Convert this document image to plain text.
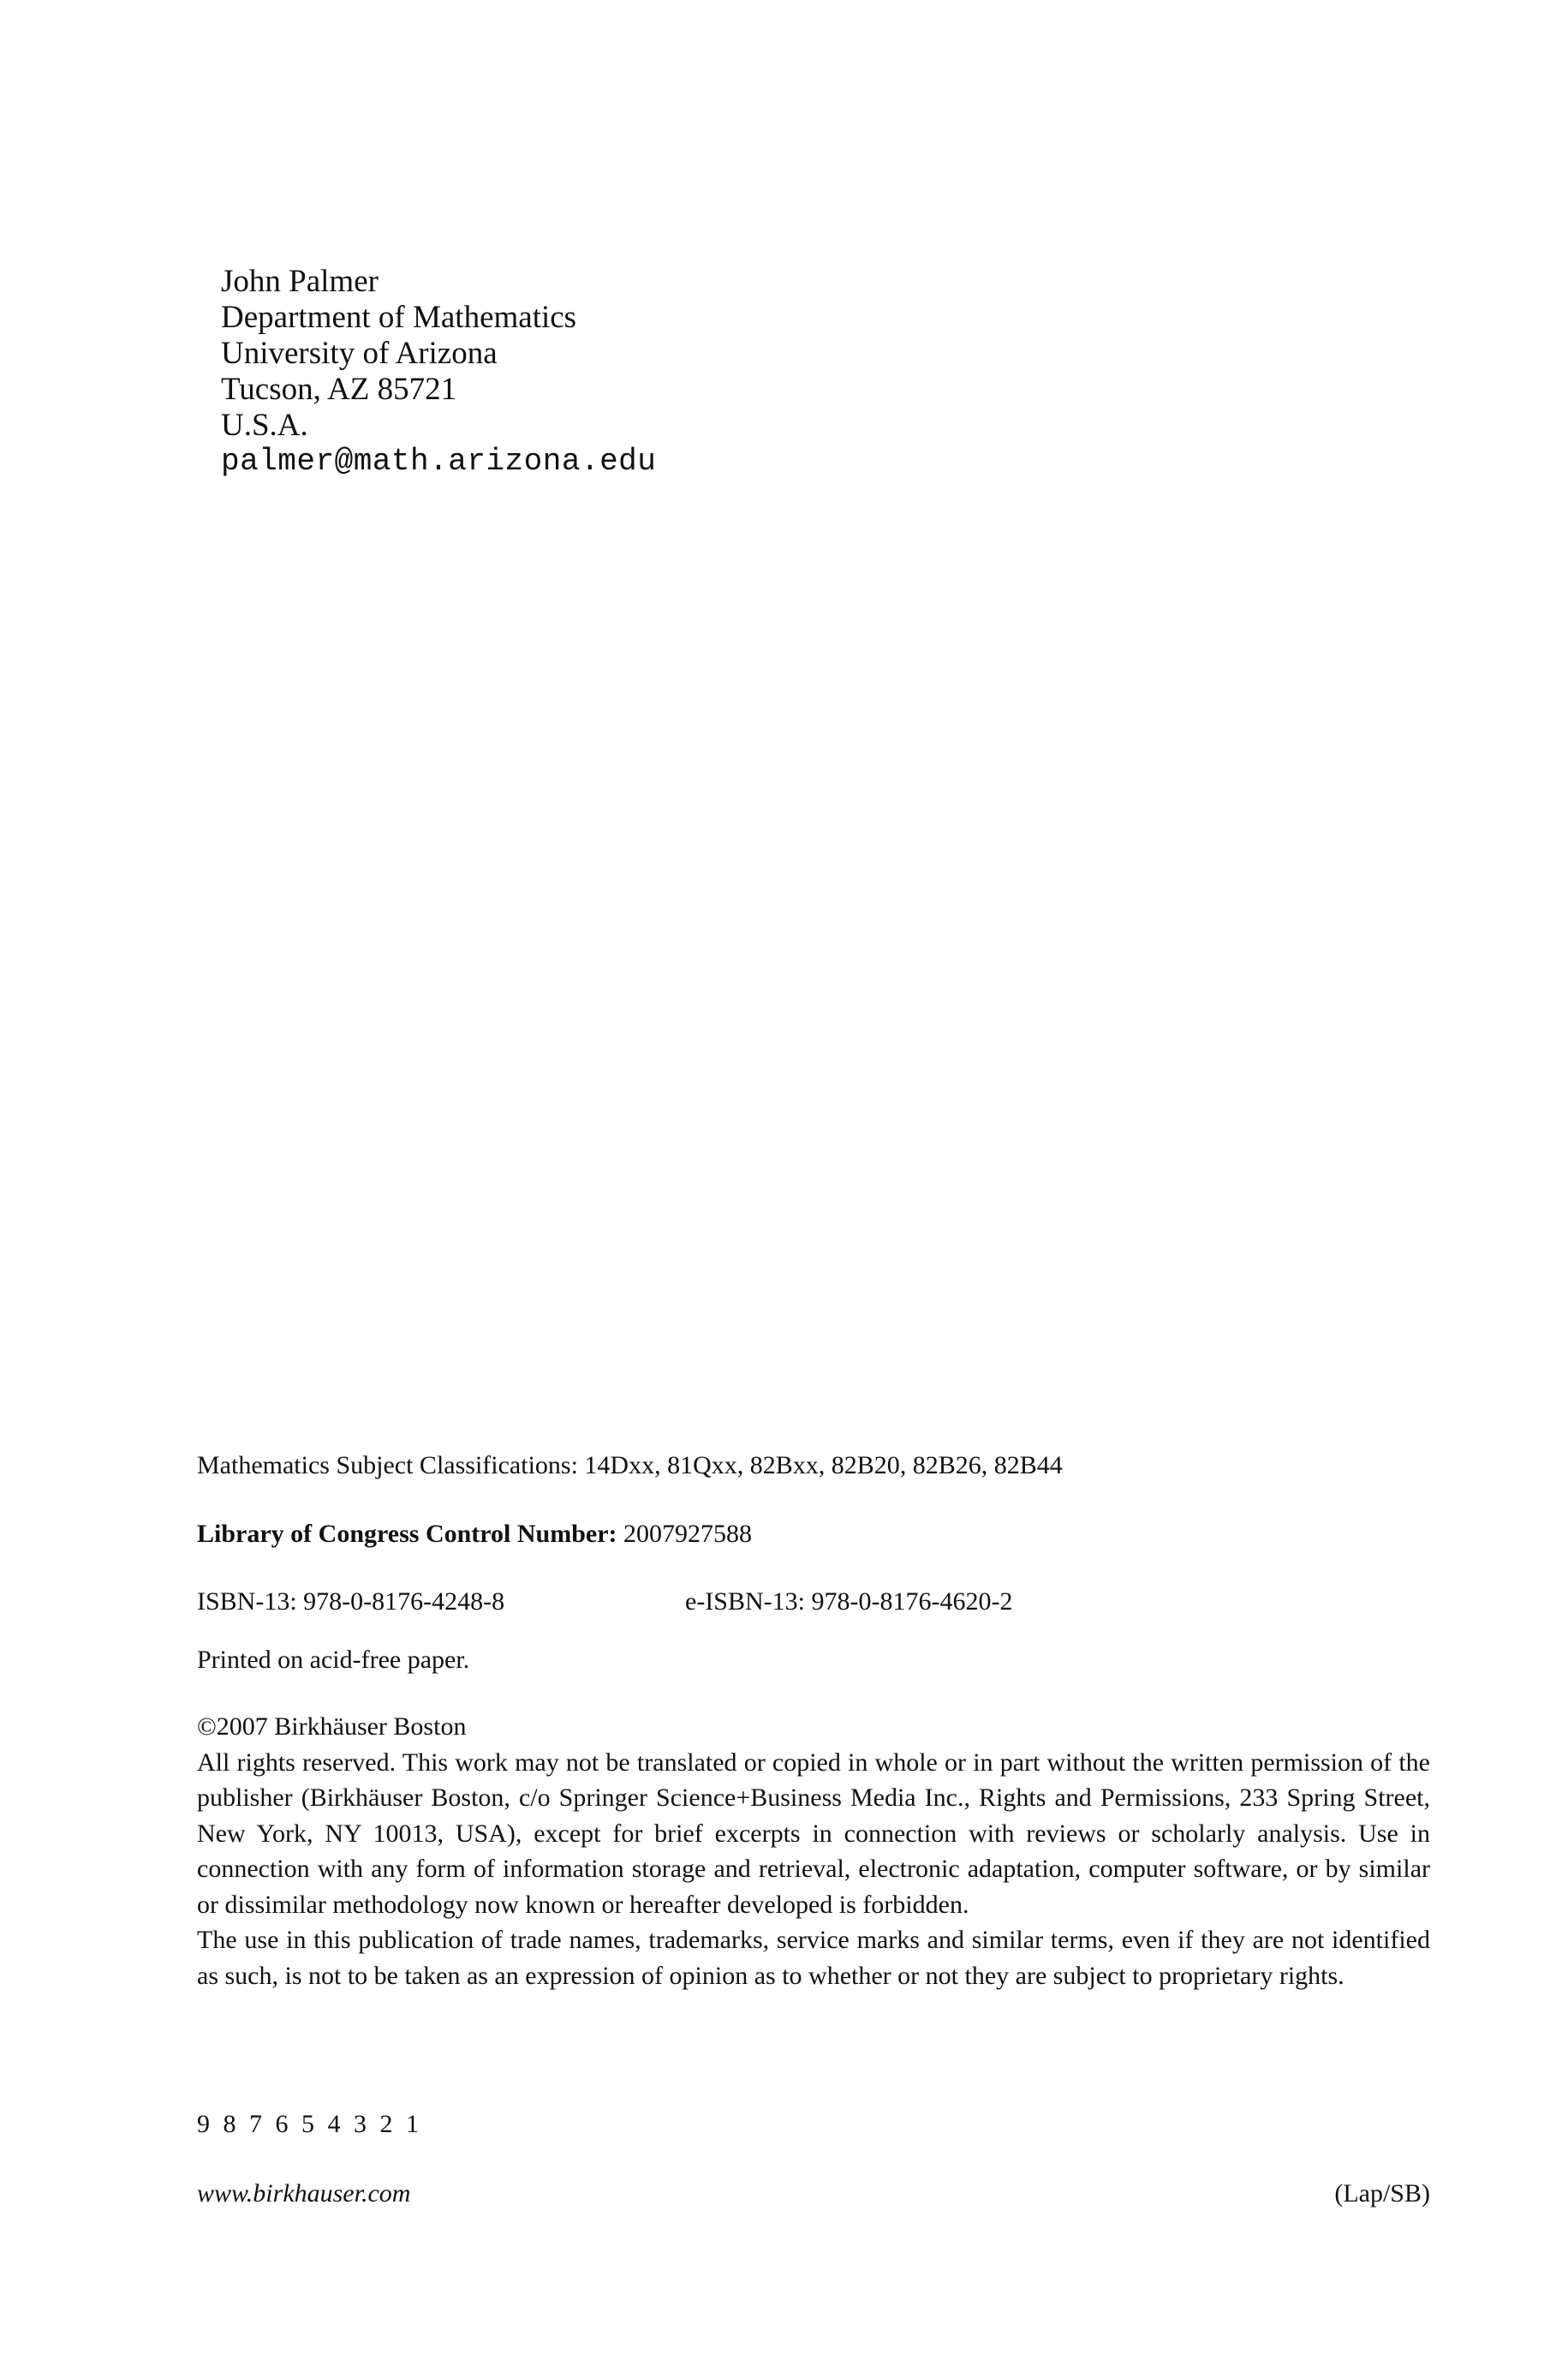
John Palmer
Department of Mathematics
University of Arizona
Tucson, AZ 85721
U.S.A.
palmer@math.arizona.edu
Mathematics Subject Classifications: 14Dxx, 81Qxx, 82Bxx, 82B20, 82B26, 82B44
Library of Congress Control Number: 2007927588
ISBN-13: 978-0-8176-4248-8	e-ISBN-13: 978-0-8176-4620-2
Printed on acid-free paper.

©2007 Birkhäuser Boston

All rights reserved. This work may not be translated or copied in whole or in part without the written permission of the publisher (Birkhäuser Boston, c/o Springer Science+Business Media Inc., Rights and Permissions, 233 Spring Street, New York, NY 10013, USA), except for brief excerpts in connection with reviews or scholarly analysis. Use in connection with any form of information storage and retrieval, electronic adaptation, computer software, or by similar or dissimilar methodology now known or hereafter developed is forbidden.

The use in this publication of trade names, trademarks, service marks and similar terms, even if they are not identified as such, is not to be taken as an expression of opinion as to whether or not they are subject to proprietary rights.

9 8 7 6 5 4 3 2 1
www.birkhauser.com	(Lap/SB)
